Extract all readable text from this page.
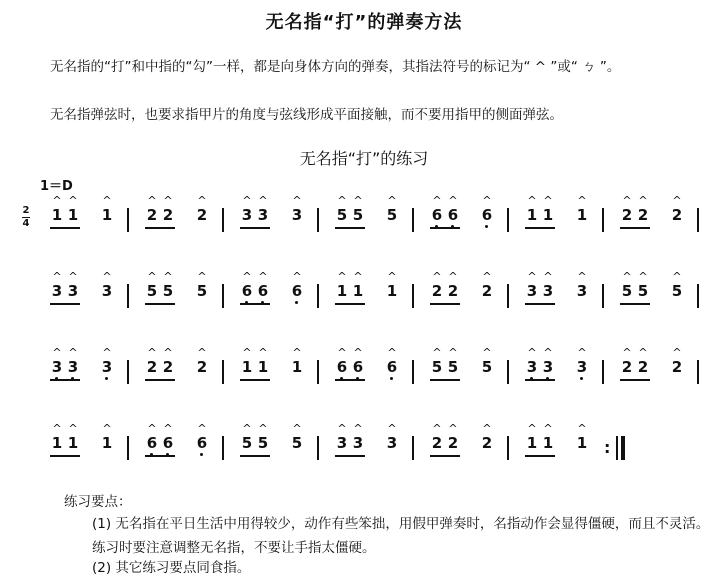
无名指“打”的弹奏方法
无名指的“打”和中指的“勾”一样，都是向身体方向的弹奏，其指法符号的标记为“ ^ ”或“ ㄅ ”。
无名指弹弦时，也要求指甲片的角度与弦线形成平面接触，而不要用指甲的侧面弹弦。
无名指“打”的练习
1＝D
2
4
^
1
^
1
^
1
^
2
^
2
^
2
^
3
^
3
^
3
^
5
^
5
^
5
^
6
^
6
^
6
^
1
^
1
^
1
^
2
^
2
^
2
^
3
^
3
^
3
^
5
^
5
^
5
^
6
^
6
^
6
^
1
^
1
^
1
^
2
^
2
^
2
^
3
^
3
^
3
^
5
^
5
^
5
^
3
^
3
^
3
^
2
^
2
^
2
^
1
^
1
^
1
^
6
^
6
^
6
^
5
^
5
^
5
^
3
^
3
^
3
^
2
^
2
^
2
^
1
^
1
^
1
^
6
^
6
^
6
^
5
^
5
^
5
^
3
^
3
^
3
^
2
^
2
^
2
^
1
^
1
^
1 :
练习要点：
(1) 无名指在平日生活中用得较少，动作有些笨拙，用假甲弹奏时，名指动作会显得僵硬，而且不灵活。练习时要注意调整无名指，不要让手指太僵硬。
(2) 其它练习要点同食指。
